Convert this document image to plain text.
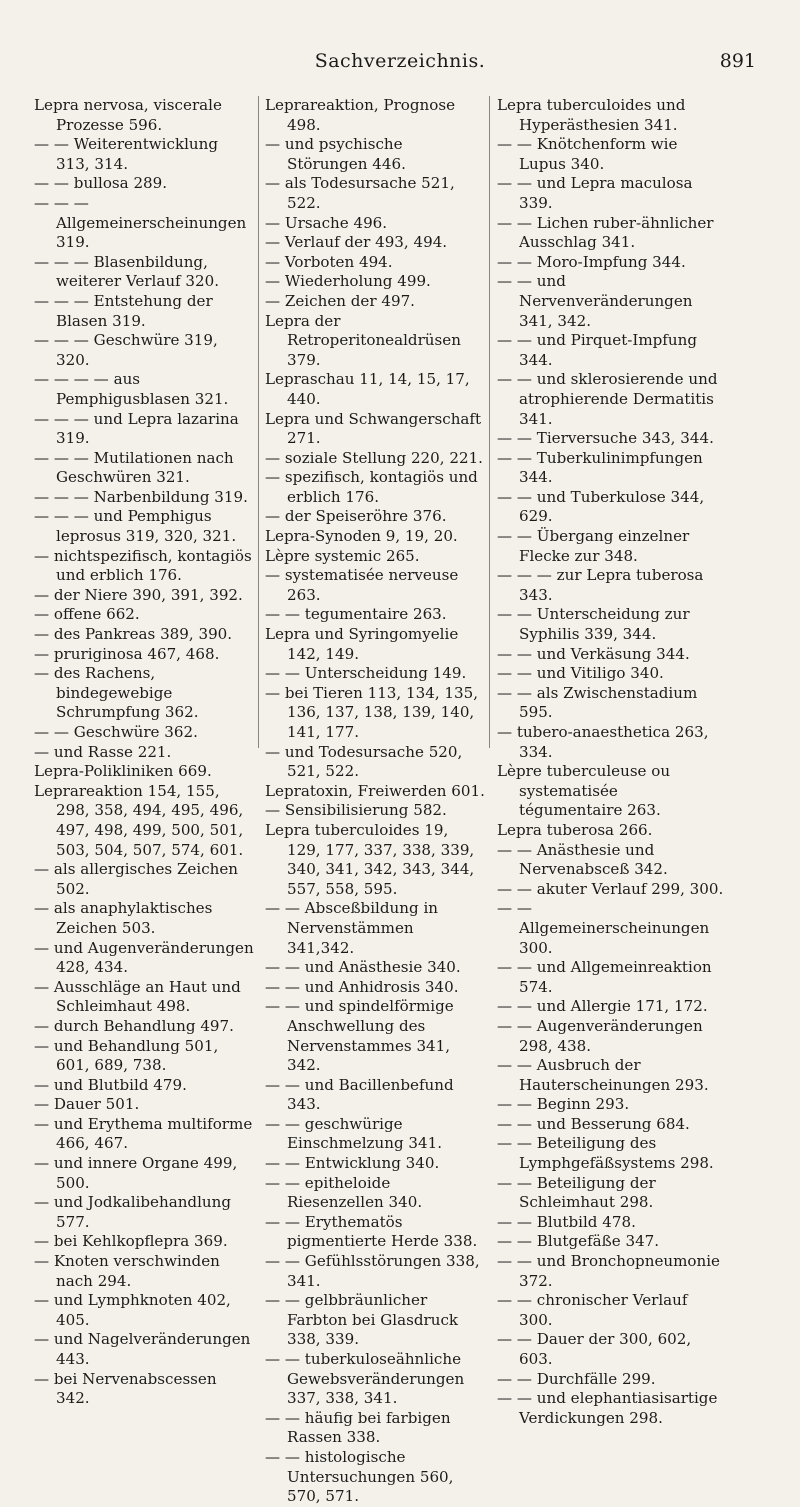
Sachverzeichnis.	891

Lepra nervosa, viscerale Prozesse 596.

— — Weiterentwicklung 313, 314.

— — bullosa 289.

— — — Allgemeinerscheinungen 319.

— — — Blasenbildung, weiterer Verlauf 320.

— — — Entstehung der Blasen 319.

— — — Geschwüre 319, 320.

— — — — aus Pemphigusblasen 321.

— — — und Lepra lazarina 319.

— — — Mutilationen nach Geschwüren 321.

— — — Narbenbildung 319.

— — — und Pemphigus leprosus 319, 320, 321.

— nichtspezifisch, kontagiös und erblich 176.

— der Niere 390, 391, 392.

— offene 662.

— des Pankreas 389, 390.

— pruriginosa 467, 468.

— des Rachens, bindegewebige Schrumpfung 362.

— — Geschwüre 362.

— und Rasse 221.

Lepra-Polikliniken 669.

Leprareaktion 154, 155, 298, 358, 494, 495, 496, 497, 498, 499, 500, 501, 503, 504, 507, 574, 601.

— als allergisches Zeichen 502.

— als anaphylaktisches Zeichen 503.

— und Augenveränderungen 428, 434.

— Ausschläge an Haut und Schleimhaut 498.

— durch Behandlung 497.

— und Behandlung 501, 601, 689, 738.

— und Blutbild 479.

— Dauer 501.

— und Erythema multiforme 466, 467.

— und innere Organe 499, 500.

— und Jodkalibehandlung 577.

— bei Kehlkopflepra 369.

— Knoten verschwinden nach 294.

— und Lymphknoten 402, 405.

— und Nagelveränderungen 443.

— bei Nervenabscessen 342.

Leprareaktion, Prognose 498.

— und psychische Störungen 446.

— als Todesursache 521, 522.

— Ursache 496.

— Verlauf der 493, 494.

— Vorboten 494.

— Wiederholung 499.

— Zeichen der 497.

Lepra der Retroperitonealdrüsen 379.

Leprаschau 11, 14, 15, 17, 440.

Lepra und Schwangerschaft 271.

— soziale Stellung 220, 221.

— spezifisch, kontagiös und erblich 176.

— der Speiseröhre 376.

Lepra-Synoden 9, 19, 20.

Lèpre systemic 265.

— systematisée nerveuse 263.

— — tegumentaire 263.

Lepra und Syringomyelie 142, 149.

— — Unterscheidung 149.

— bei Tieren 113, 134, 135, 136, 137, 138, 139, 140, 141, 177.

— und Todesursache 520, 521, 522.

Lepratoxin, Freiwerden 601.

— Sensibilisierung 582.

Lepra tuberculoides 19, 129, 177, 337, 338, 339, 340, 341, 342, 343, 344, 557, 558, 595.

— — Absceßbildung in Nervenstämmen 341,342.

— — und Anästhesie 340.

— — und Anhidrosis 340.

— — und spindelförmige Anschwellung des Nervenstammes 341, 342.

— — und Bacillenbefund 343.

— — geschwürige Einschmelzung 341.

— — Entwicklung 340.

— — epitheloide Riesenzellen 340.

— — Erythematös pigmentierte Herde 338.

— — Gefühlsstörungen 338, 341.

— — gelbbräunlicher Farbton bei Glasdruck 338, 339.

— — tuberkuloseähnliche Gewebsveränderungen 337, 338, 341.

— — häufig bei farbigen Rassen 338.

— — histologische Untersuchungen 560, 570, 571.

Lepra tuberculoides und Hyperästhesien 341.

— — Knötchenform wie Lupus 340.

— — und Lepra maculosa 339.

— — Lichen ruber-ähnlicher Ausschlag 341.

— — Moro-Impfung 344.

— — und Nervenveränderungen 341, 342.

— — und Pirquet-Impfung 344.

— — und sklerosierende und atrophierende Dermatitis 341.

— — Tierversuche 343, 344.

— — Tuberkulinimpfungen 344.

— — und Tuberkulose 344, 629.

— — Übergang einzelner Flecke zur 348.

— — — zur Lepra tuberosa 343.

— — Unterscheidung zur Syphilis 339, 344.

— — und Verkäsung 344.

— — und Vitiligo 340.

— — als Zwischenstadium 595.

— tubero-anaesthetica 263, 334.

Lèpre tuberculeuse ou systematisée tégumentaire 263.

Lepra tuberosa 266.

— — Anästhesie und Nervenabsceß 342.

— — akuter Verlauf 299, 300.

— — Allgemeinerscheinungen 300.

— — und Allgemeinreaktion 574.

— — und Allergie 171, 172.

— — Augenveränderungen 298, 438.

— — Ausbruch der Hauterscheinungen 293.

— — Beginn 293.

— — und Besserung 684.

— — Beteiligung des Lymphgefäßsystems 298.

— — Beteiligung der Schleimhaut 298.

— — Blutbild 478.

— — Blutgefäße 347.

— — und Bronchopneumonie 372.

— — chronischer Verlauf 300.

— — Dauer der 300, 602, 603.

— — Durchfälle 299.

— — und elephantiasisartige Verdickungen 298.
